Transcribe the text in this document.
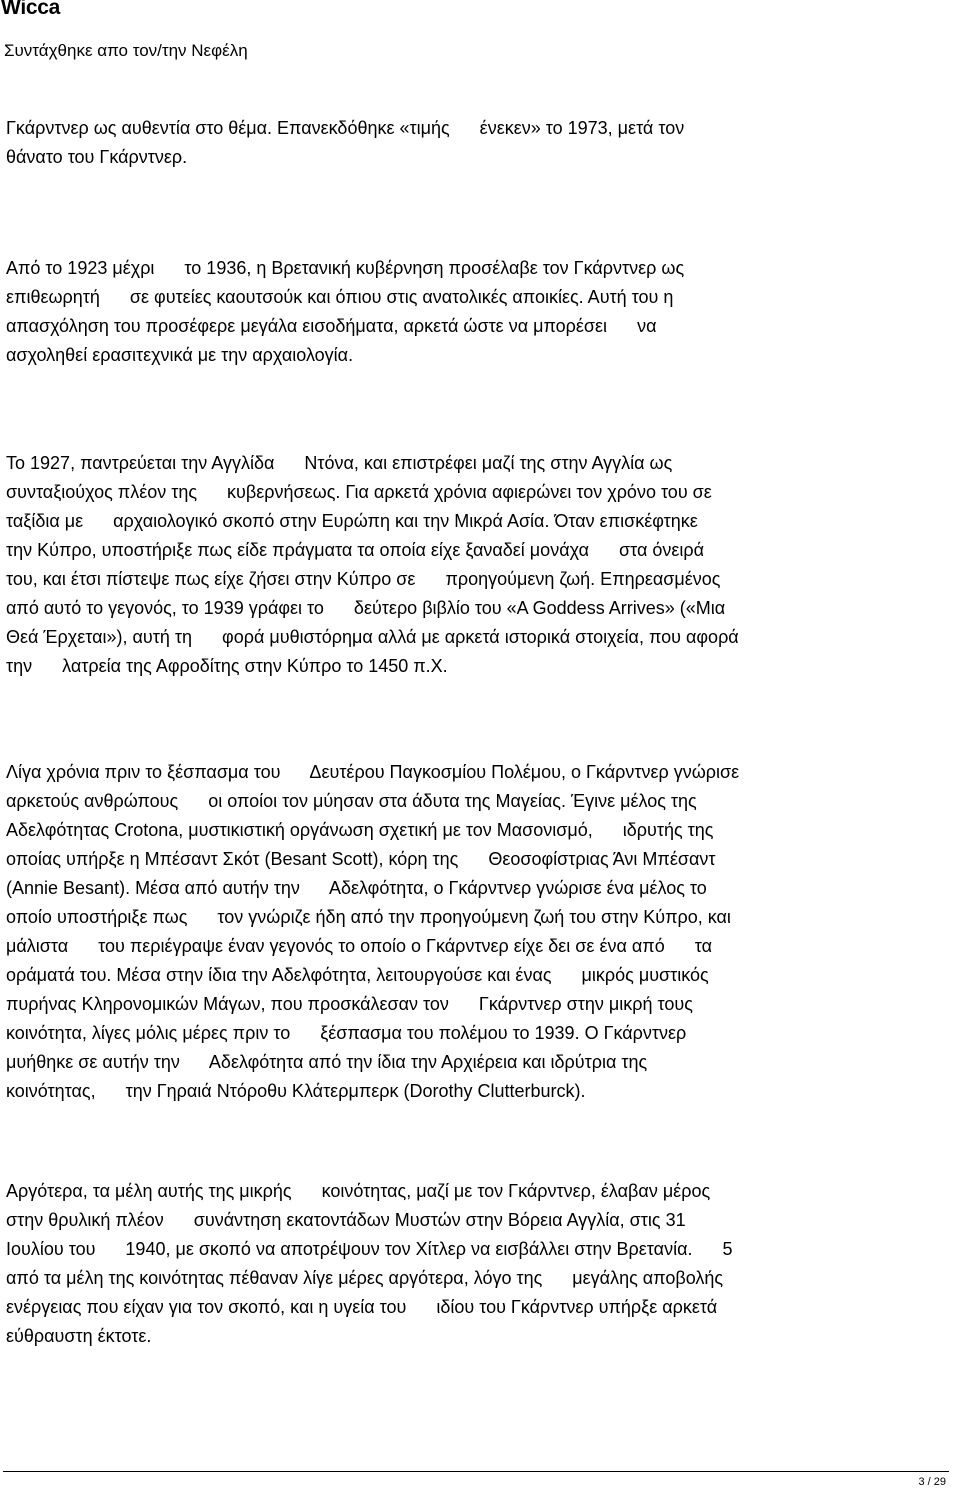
Wicca
Συντάχθηκε απο τον/την Νεφέλη
Γκάρντνερ ως αυθεντία στο θέμα. Επανεκδόθηκε «τιμής      ένεκεν» το 1973, μετά τον
θάνατο του Γκάρντνερ.
Από το 1923 μέχρι      το 1936, η Βρετανική κυβέρνηση προσέλαβε τον Γκάρντνερ ως
επιθεωρητή      σε φυτείες καουτσούκ και όπιου στις ανατολικές αποικίες. Αυτή του η
απασχόληση του προσέφερε μεγάλα εισοδήματα, αρκετά ώστε να μπορέσει      να
ασχοληθεί ερασιτεχνικά με την αρχαιολογία.
Το 1927, παντρεύεται την Αγγλίδα      Ντόνα, και επιστρέφει μαζί της στην Αγγλία ως
συνταξιούχος πλέον της      κυβερνήσεως. Για αρκετά χρόνια αφιερώνει τον χρόνο του σε
ταξίδια με      αρχαιολογικό σκοπό στην Ευρώπη και την Μικρά Ασία. Όταν επισκέφτηκε
την Κύπρο, υποστήριξε πως είδε πράγματα τα οποία είχε ξαναδεί μονάχα      στα όνειρά
του, και έτσι πίστεψε πως είχε ζήσει στην Κύπρο σε      προηγούμενη ζωή. Επηρεασμένος
από αυτό το γεγονός, το 1939 γράφει το      δεύτερο βιβλίο του «A Goddess Arrives» («Μια
Θεά Έρχεται»), αυτή τη      φορά μυθιστόρημα αλλά με αρκετά ιστορικά στοιχεία, που αφορά
την      λατρεία της Αφροδίτης στην Κύπρο το 1450 π.Χ.
Λίγα χρόνια πριν το ξέσπασμα του      Δευτέρου Παγκοσμίου Πολέμου, ο Γκάρντνερ γνώρισε
αρκετούς ανθρώπους      οι οποίοι τον μύησαν στα άδυτα της Μαγείας. Έγινε μέλος της
Αδελφότητας Crotona, μυστικιστική οργάνωση σχετική με τον Μασονισμό,      ιδρυτής της
οποίας υπήρξε η Μπέσαντ Σκότ (Besant Scott), κόρη της      Θεοσοφίστριας Άνι Μπέσαντ
(Annie Besant). Μέσα από αυτήν την      Αδελφότητα, ο Γκάρντνερ γνώρισε ένα μέλος το
οποίο υποστήριξε πως      τον γνώριζε ήδη από την προηγούμενη ζωή του στην Κύπρο, και
μάλιστα      του περιέγραψε έναν γεγονός το οποίο ο Γκάρντνερ είχε δει σε ένα από      τα
οράματά του. Μέσα στην ίδια την Αδελφότητα, λειτουργούσε και ένας      μικρός μυστικός
πυρήνας Κληρονομικών Μάγων, που προσκάλεσαν τον      Γκάρντνερ στην μικρή τους
κοινότητα, λίγες μόλις μέρες πριν το      ξέσπασμα του πολέμου το 1939. Ο Γκάρντνερ
μυήθηκε σε αυτήν την      Αδελφότητα από την ίδια την Αρχιέρεια και ιδρύτρια της
κοινότητας,      την Γηραιά Ντόροθυ Κλάτερμπερκ (Dorothy Clutterburck).
Αργότερα, τα μέλη αυτής της μικρής      κοινότητας, μαζί με τον Γκάρντνερ, έλαβαν μέρος
στην θρυλική πλέον      συνάντηση εκατοντάδων Μυστών στην Βόρεια Αγγλία, στις 31
Ιουλίου του      1940, με σκοπό να αποτρέψουν τον Χίτλερ να εισβάλλει στην Βρετανία.      5
από τα μέλη της κοινότητας πέθαναν λίγε μέρες αργότερα, λόγο της      μεγάλης αποβολής
ενέργειας που είχαν για τον σκοπό, και η υγεία του      ιδίου του Γκάρντνερ υπήρξε αρκετά
εύθραυστη έκτοτε.
3 / 29
